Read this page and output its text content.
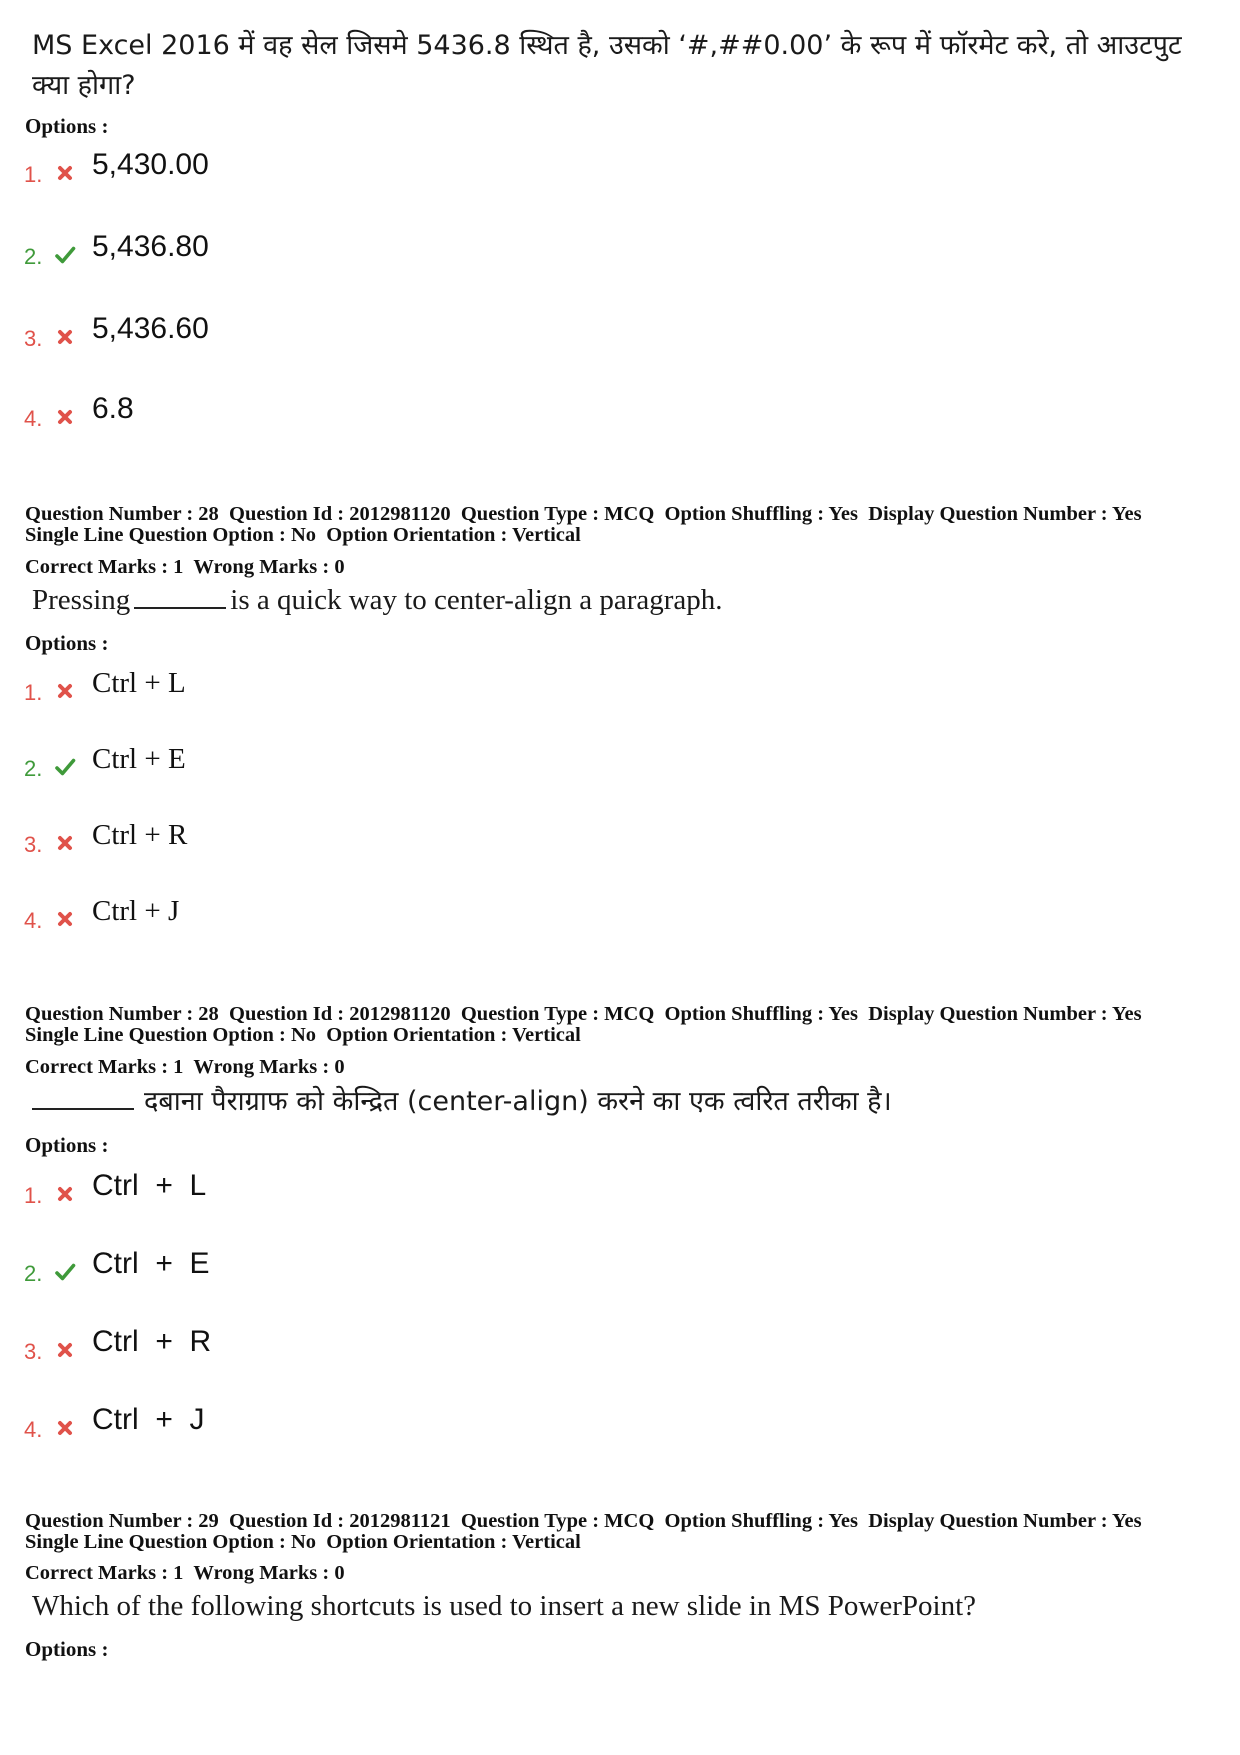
MS Excel 2016 में वह सेल जिसमे 5436.8 स्थित है, उसको ‘#,##0.00’ के रूप में फॉरमेट करे, तो आउटपुट क्या होगा?
Options :
1. 5,430.00
2. 5,436.80
3. 5,436.60
4. 6.8
Question Number : 28  Question Id : 2012981120  Question Type : MCQ  Option Shuffling : Yes  Display Question Number : Yes
Single Line Question Option : No  Option Orientation : Vertical
Correct Marks : 1  Wrong Marks : 0
Pressing	is a quick way to center-align a paragraph.
Options :
1. Ctrl + L
2. Ctrl + E
3. Ctrl + R
4. Ctrl + J
Question Number : 28  Question Id : 2012981120  Question Type : MCQ  Option Shuffling : Yes  Display Question Number : Yes
Single Line Question Option : No  Option Orientation : Vertical
Correct Marks : 1  Wrong Marks : 0
दबाना पैराग्राफ को केन्द्रित (center-align) करने का एक त्वरित तरीका है।
Options :
1. Ctrl  +  L
2. Ctrl  +  E
3. Ctrl  +  R
4. Ctrl  +  J
Question Number : 29  Question Id : 2012981121  Question Type : MCQ  Option Shuffling : Yes  Display Question Number : Yes
Single Line Question Option : No  Option Orientation : Vertical
Correct Marks : 1  Wrong Marks : 0
Which of the following shortcuts is used to insert a new slide in MS PowerPoint?
Options :
